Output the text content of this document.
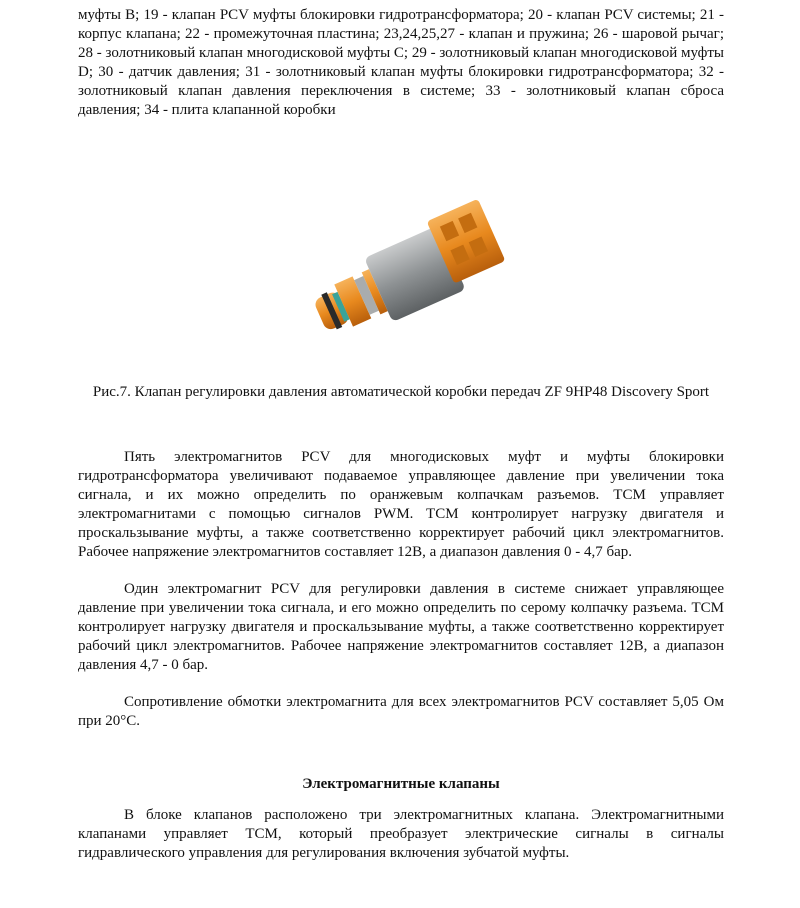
муфты B; 19 - клапан PCV муфты блокировки гидротрансформатора; 20 - клапан PCV системы; 21 - корпус клапана; 22 - промежуточная пластина; 23,24,25,27 - клапан и пружина; 26 - шаровой рычаг; 28 - золотниковый клапан многодисковой муфты C; 29 - золотниковый клапан многодисковой муфты D; 30 - датчик давления; 31 - золотниковый клапан муфты блокировки гидротрансформатора; 32 - золотниковый клапан давления переключения в системе; 33 - золотниковый клапан сброса давления; 34 - плита клапанной коробки

Рис.7. Клапан регулировки давления автоматической коробки передач ZF 9HP48 Discovery Sport

Пять электромагнитов PCV для многодисковых муфт и муфты блокировки гидротрансформатора увеличивают подаваемое управляющее давление при увеличении тока сигнала, и их можно определить по оранжевым колпачкам разъемов. TCM управляет электромагнитами с помощью сигналов PWM. TCM контролирует нагрузку двигателя и проскальзывание муфты, а также соответственно корректирует рабочий цикл электромагнитов. Рабочее напряжение электромагнитов составляет 12В, а диапазон давления 0 - 4,7 бар.

Один электромагнит PCV для регулировки давления в системе снижает управляющее давление при увеличении тока сигнала, и его можно определить по серому колпачку разъема. TCM контролирует нагрузку двигателя и проскальзывание муфты, а также соответственно корректирует рабочий цикл электромагнитов. Рабочее напряжение электромагнитов составляет 12В, а диапазон давления 4,7 - 0 бар.

Сопротивление обмотки электромагнита для всех электромагнитов PCV составляет 5,05 Ом при 20°C.

Электромагнитные клапаны

В блоке клапанов расположено три электромагнитных клапана. Электромагнитными клапанами управляет TCM, который преобразует электрические сигналы в сигналы гидравлического управления для регулирования включения зубчатой муфты.
